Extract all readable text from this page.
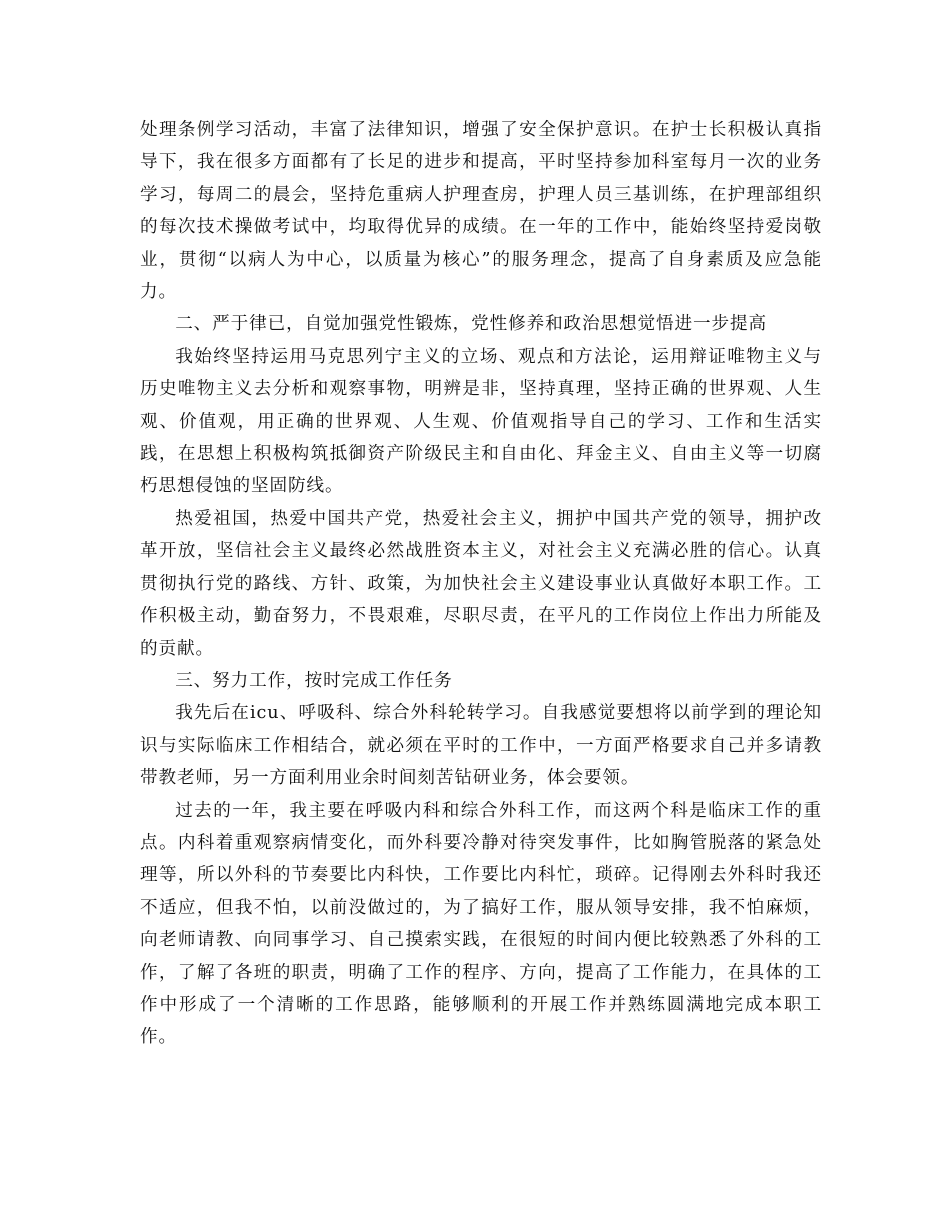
处理条例学习活动，丰富了法律知识，增强了安全保护意识。在护士长积极认真指导下，我在很多方面都有了长足的进步和提高，平时坚持参加科室每月一次的业务学习，每周二的晨会，坚持危重病人护理查房，护理人员三基训练，在护理部组织的每次技术操做考试中，均取得优异的成绩。在一年的工作中，能始终坚持爱岗敬业，贯彻“以病人为中心，以质量为核心”的服务理念，提高了自身素质及应急能力。

二、严于律已，自觉加强党性锻炼，党性修养和政治思想觉悟进一步提高

我始终坚持运用马克思列宁主义的立场、观点和方法论，运用辩证唯物主义与历史唯物主义去分析和观察事物，明辨是非，坚持真理，坚持正确的世界观、人生观、价值观，用正确的世界观、人生观、价值观指导自己的学习、工作和生活实践，在思想上积极构筑抵御资产阶级民主和自由化、拜金主义、自由主义等一切腐朽思想侵蚀的坚固防线。

热爱祖国，热爱中国共产党，热爱社会主义，拥护中国共产党的领导，拥护改革开放，坚信社会主义最终必然战胜资本主义，对社会主义充满必胜的信心。认真贯彻执行党的路线、方针、政策，为加快社会主义建设事业认真做好本职工作。工作积极主动，勤奋努力，不畏艰难，尽职尽责，在平凡的工作岗位上作出力所能及的贡献。

三、努力工作，按时完成工作任务

我先后在icu、呼吸科、综合外科轮转学习。自我感觉要想将以前学到的理论知识与实际临床工作相结合，就必须在平时的工作中，一方面严格要求自己并多请教带教老师，另一方面利用业余时间刻苦钻研业务，体会要领。

过去的一年，我主要在呼吸内科和综合外科工作，而这两个科是临床工作的重点。内科着重观察病情变化，而外科要冷静对待突发事件，比如胸管脱落的紧急处理等，所以外科的节奏要比内科快，工作要比内科忙，琐碎。记得刚去外科时我还不适应，但我不怕，以前没做过的，为了搞好工作，服从领导安排，我不怕麻烦，向老师请教、向同事学习、自己摸索实践，在很短的时间内便比较熟悉了外科的工作，了解了各班的职责，明确了工作的程序、方向，提高了工作能力，在具体的工作中形成了一个清晰的工作思路，能够顺利的开展工作并熟练圆满地完成本职工作。
